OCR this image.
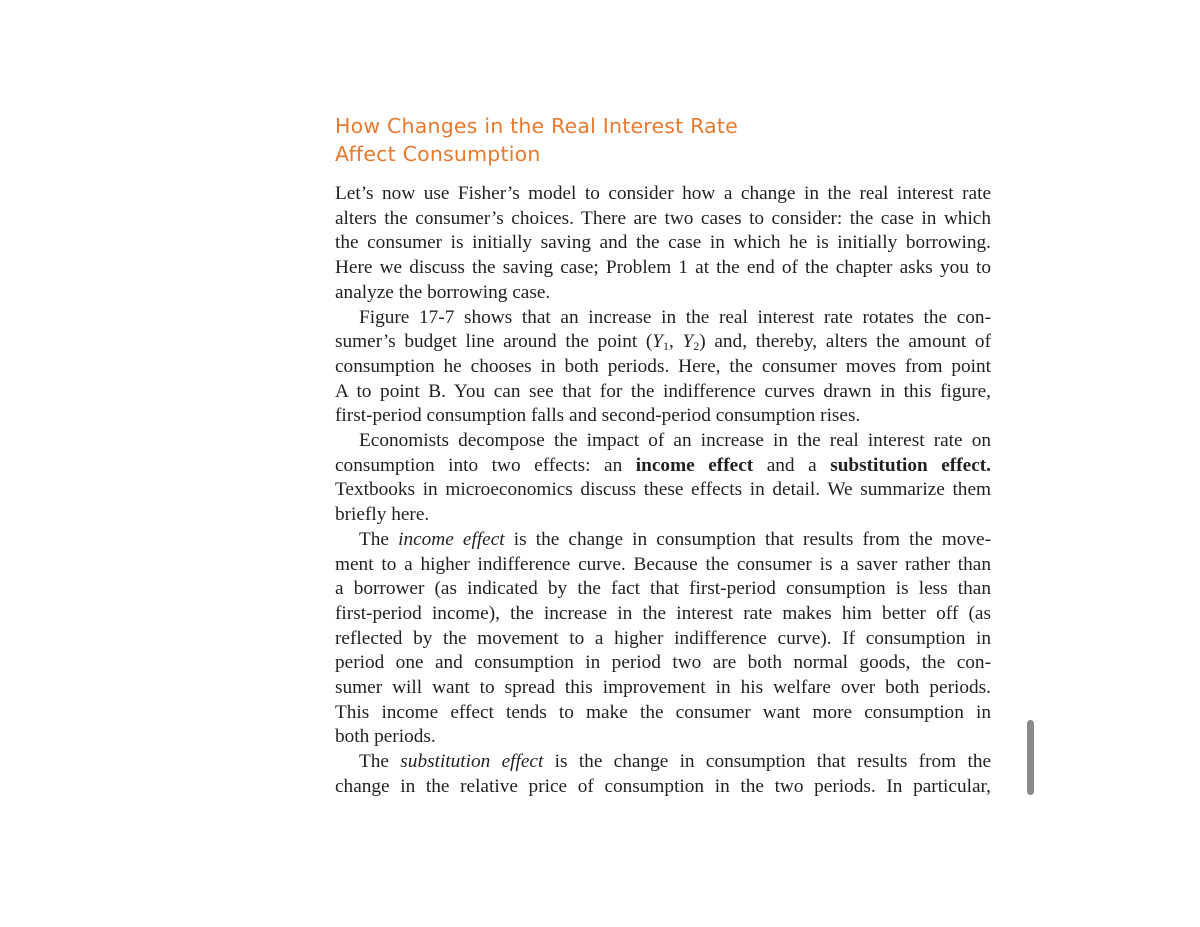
How Changes in the Real Interest Rate
Affect Consumption

Let’s now use Fisher’s model to consider how a change in the real interest rate
alters the consumer’s choices. There are two cases to consider: the case in which
the consumer is initially saving and the case in which he is initially borrowing.
Here we discuss the saving case; Problem 1 at the end of the chapter asks you to
analyze the borrowing case.

Figure 17-7 shows that an increase in the real interest rate rotates the con-
sumer’s budget line around the point ($Y_1$, $Y_2$) and, thereby, alters the amount of
consumption he chooses in both periods. Here, the consumer moves from point
A to point B. You can see that for the indifference curves drawn in this figure,
first-period consumption falls and second-period consumption rises.

Economists decompose the impact of an increase in the real interest rate on
consumption into two effects: an income effect and a substitution effect.
Textbooks in microeconomics discuss these effects in detail. We summarize them
briefly here.

The income effect is the change in consumption that results from the move-
ment to a higher indifference curve. Because the consumer is a saver rather than
a borrower (as indicated by the fact that first-period consumption is less than
first-period income), the increase in the interest rate makes him better off (as
reflected by the movement to a higher indifference curve). If consumption in
period one and consumption in period two are both normal goods, the con-
sumer will want to spread this improvement in his welfare over both periods.
This income effect tends to make the consumer want more consumption in
both periods.

The substitution effect is the change in consumption that results from the
change in the relative price of consumption in the two periods. In particular,
